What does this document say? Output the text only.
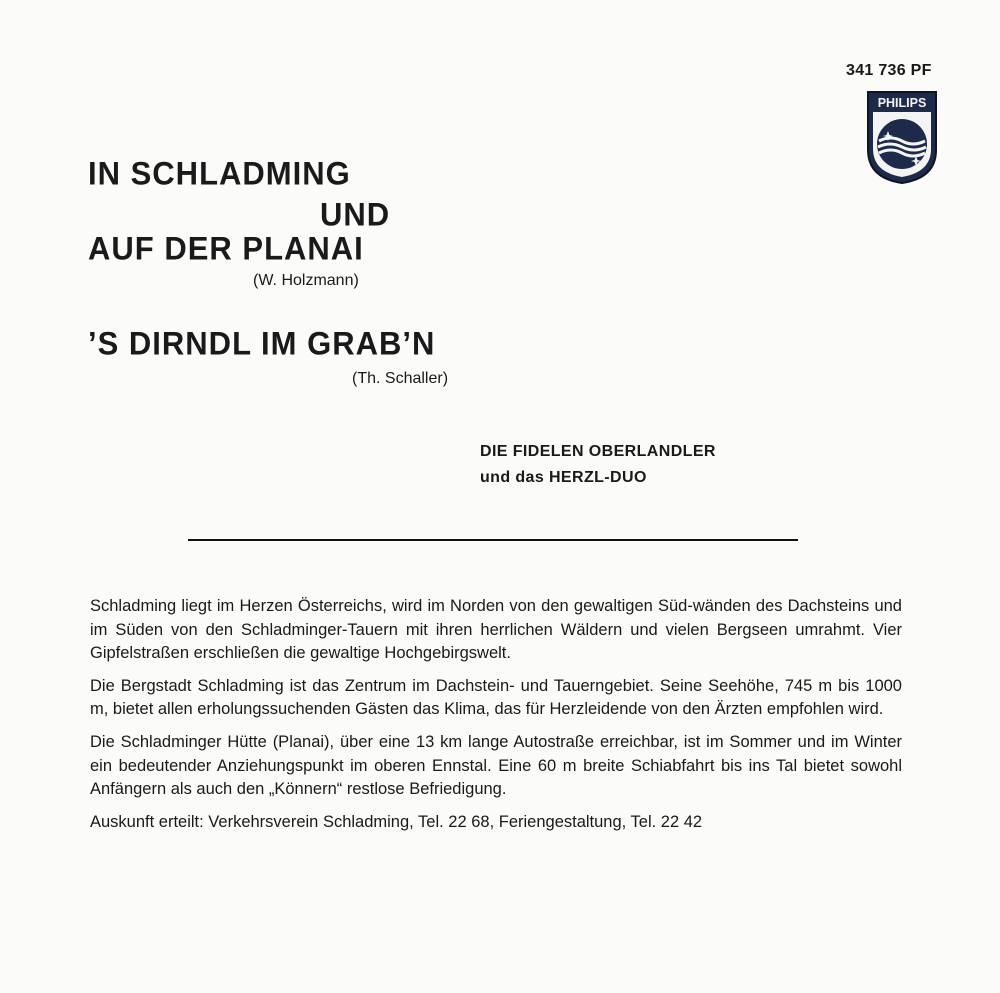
341 736 PF
PHILIPS
IN SCHLADMING
UND
AUF DER PLANAI
(W. Holzmann)
’S DIRNDL IM GRAB’N
(Th. Schaller)
DIE FIDELEN OBERLANDLER
und das HERZL-DUO

Schladming liegt im Herzen Österreichs, wird im Norden von den gewaltigen Süd-wänden des Dachsteins und im Süden von den Schladminger-Tauern mit ihren herrlichen Wäldern und vielen Bergseen umrahmt. Vier Gipfelstraßen erschließen die gewaltige Hochgebirgswelt.

Die Bergstadt Schladming ist das Zentrum im Dachstein- und Tauerngebiet. Seine Seehöhe, 745 m bis 1000 m, bietet allen erholungssuchenden Gästen das Klima, das für Herzleidende von den Ärzten empfohlen wird.

Die Schladminger Hütte (Planai), über eine 13 km lange Autostraße erreichbar, ist im Sommer und im Winter ein bedeutender Anziehungspunkt im oberen Ennstal. Eine 60 m breite Schiabfahrt bis ins Tal bietet sowohl Anfängern als auch den „Könnern“ restlose Befriedigung.

Auskunft erteilt: Verkehrsverein Schladming, Tel. 22 68, Feriengestaltung, Tel. 22 42
